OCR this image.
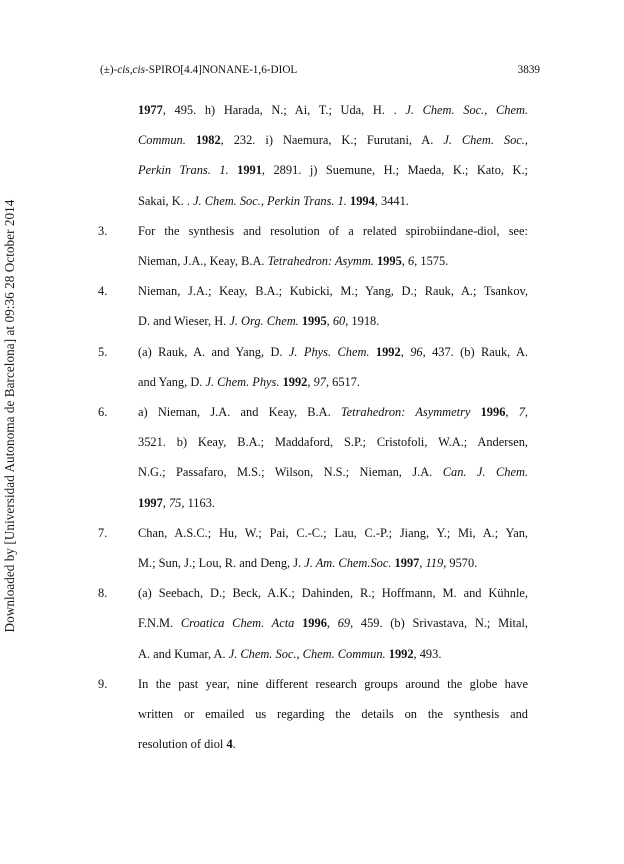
Downloaded by [Universidad Autonoma de Barcelona] at 09:36 28 October 2014
(±)-cis,cis-SPIRO[4.4]NONANE-1,6-DIOL	3839
1977, 495. h) Harada, N.; Ai, T.; Uda, H. . J. Chem. Soc., Chem.
Commun. 1982, 232. i) Naemura, K.; Furutani, A. J. Chem. Soc.,
Perkin Trans. 1. 1991, 2891. j) Suemune, H.; Maeda, K.; Kato, K.;
Sakai, K. . J. Chem. Soc., Perkin Trans. 1. 1994, 3441.
3. For the synthesis and resolution of a related spirobiindane-diol, see:
Nieman, J.A., Keay, B.A. Tetrahedron: Asymm. 1995, 6, 1575.
4. Nieman, J.A.; Keay, B.A.; Kubicki, M.; Yang, D.; Rauk, A.; Tsankov,
D. and Wieser, H. J. Org. Chem. 1995, 60, 1918.
5. (a) Rauk, A. and Yang, D. J. Phys. Chem. 1992, 96, 437. (b) Rauk, A.
and Yang, D. J. Chem. Phys. 1992, 97, 6517.
6. a) Nieman, J.A. and Keay, B.A. Tetrahedron: Asymmetry 1996, 7,
3521. b) Keay, B.A.; Maddaford, S.P.; Cristofoli, W.A.; Andersen,
N.G.; Passafaro, M.S.; Wilson, N.S.; Nieman, J.A. Can. J. Chem.
1997, 75, 1163.
7. Chan, A.S.C.; Hu, W.; Pai, C.-C.; Lau, C.-P.; Jiang, Y.; Mi, A.; Yan,
M.; Sun, J.; Lou, R. and Deng, J. J. Am. Chem.Soc. 1997, 119, 9570.
8. (a) Seebach, D.; Beck, A.K.; Dahinden, R.; Hoffmann, M. and Kühnle,
F.N.M. Croatica Chem. Acta 1996, 69, 459. (b) Srivastava, N.; Mital,
A. and Kumar, A. J. Chem. Soc., Chem. Commun. 1992, 493.
9. In the past year, nine different research groups around the globe have
written or emailed us regarding the details on the synthesis and
resolution of diol 4.
